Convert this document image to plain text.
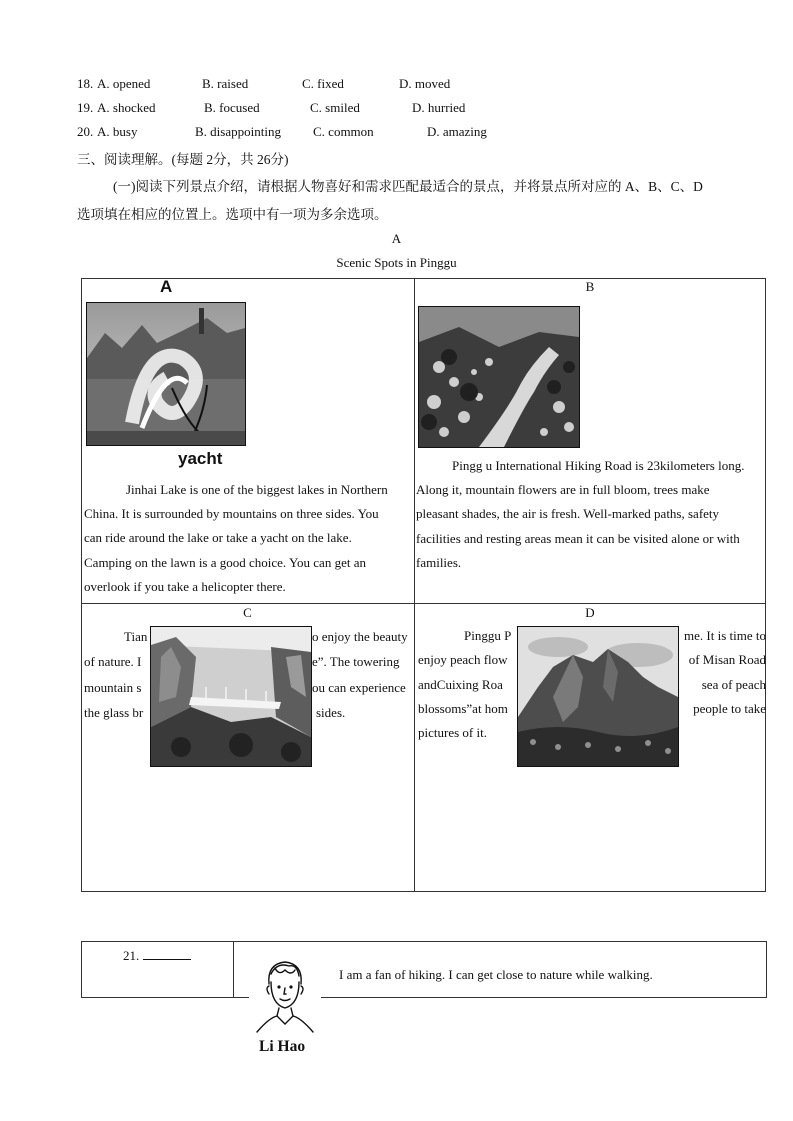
18. A. opened	B. raised	C. fixed	D. moved
19. A. shocked	B. focused	C. smiled	D. hurried
20. A. busy	B. disappointing C. common	D. amazing
三、阅读理解。(每题 2分，共 26分)
(一)阅读下列景点介绍，请根据人物喜好和需求匹配最适合的景点，并将景点所对应的 A、B、C、D
选项填在相应的位置上。选项中有一项为多余选项。
A
Scenic Spots in Pinggu
A
yacht
Jinhai Lake is one of the biggest lakes in Northern
China. It is surrounded by mountains on three sides. You
can ride around the lake or take a yacht on the lake.
Camping on the lawn is a good choice. You can get an
overlook if you take a helicopter there.
B
Pingg u International Hiking Road is 23kilometers long.
Along it, mountain flowers are in full bloom, trees make
pleasant shades, the air is fresh. Well-marked paths, safety
facilities and resting areas mean it can be visited alone or with
families.
C
Tian
of nature. I
mountain s
the glass br
o enjoy the beauty
e”. The towering
ou can experience
sides.
D
Pinggu P
enjoy peach flow
andCuixing Roa
blossoms”at hom
pictures of it.
me. It is time to
of Misan Road
sea of peach
people to take
21.
Li Hao
I am a fan of hiking. I can get close to nature while walking.
